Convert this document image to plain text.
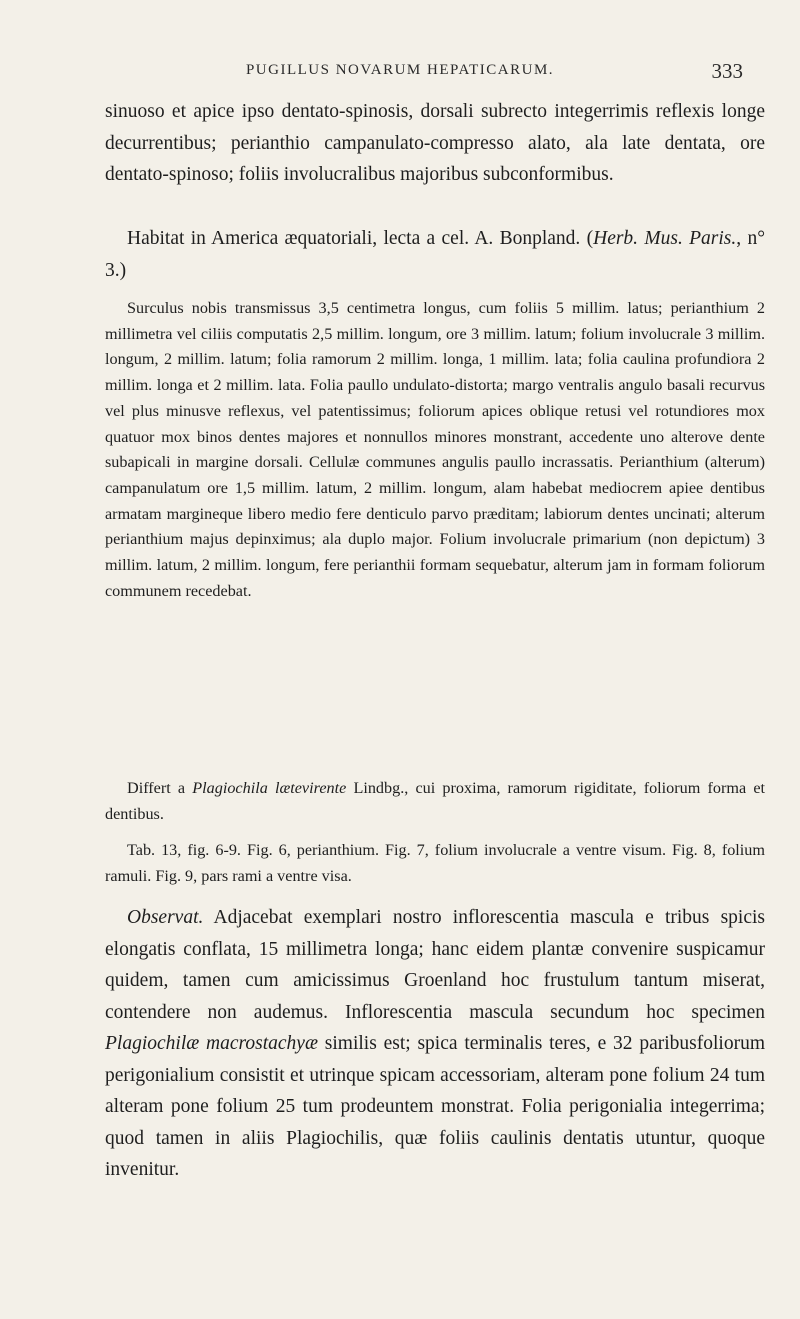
PUGILLUS NOVARUM HEPATICARUM.	333

sinuoso et apice ipso dentato-spinosis, dorsali subrecto integerrimis reflexis longe decurrentibus; perianthio campanulato-compresso alato, ala late dentata, ore dentato-spinoso; foliis involucralibus majoribus subconformibus.

Habitat in America æquatoriali, lecta a cel. A. Bonpland. (Herb. Mus. Paris., n° 3.)

Surculus nobis transmissus 3,5 centimetra longus, cum foliis 5 millim. latus; perianthium 2 millimetra vel ciliis computatis 2,5 millim. longum, ore 3 millim. latum; folium involucrale 3 millim. longum, 2 millim. latum; folia ramorum 2 millim. longa, 1 millim. lata; folia caulina profundiora 2 millim. longa et 2 millim. lata. Folia paullo undulato-distorta; margo ventralis angulo basali recurvus vel plus minusve reflexus, vel patentissimus; foliorum apices oblique retusi vel rotundiores mox quatuor mox binos dentes majores et nonnullos minores monstrant, accedente uno alterove dente subapicali in margine dorsali. Cellulæ communes angulis paullo incrassatis. Perianthium (alterum) campanulatum ore 1,5 millim. latum, 2 millim. longum, alam habebat mediocrem apiee dentibus armatam margineque libero medio fere denticulo parvo præditam; labiorum dentes uncinati; alterum perianthium majus depinximus; ala duplo major. Folium involucrale primarium (non depictum) 3 millim. latum, 2 millim. longum, fere perianthii formam sequebatur, alterum jam in formam foliorum communem recedebat.

Differt a Plagiochila lætevirente Lindbg., cui proxima, ramorum rigiditate, foliorum forma et dentibus.

Tab. 13, fig. 6-9. Fig. 6, perianthium. Fig. 7, folium involucrale a ventre visum. Fig. 8, folium ramuli. Fig. 9, pars rami a ventre visa.

Observat. Adjacebat exemplari nostro inflorescentia mascula e tribus spicis elongatis conflata, 15 millimetra longa; hanc eidem plantæ convenire suspicamur quidem, tamen cum amicissimus Groenland hoc frustulum tantum miserat, contendere non audemus. Inflorescentia mascula secundum hoc specimen Plagiochilæ macrostachyæ similis est; spica terminalis teres, e 32 paribusfoliorum perigonialium consistit et utrinque spicam accessoriam, alteram pone folium 24 tum alteram pone folium 25 tum prodeuntem monstrat. Folia perigonialia integerrima; quod tamen in aliis Plagiochilis, quæ foliis caulinis dentatis utuntur, quoque invenitur.
